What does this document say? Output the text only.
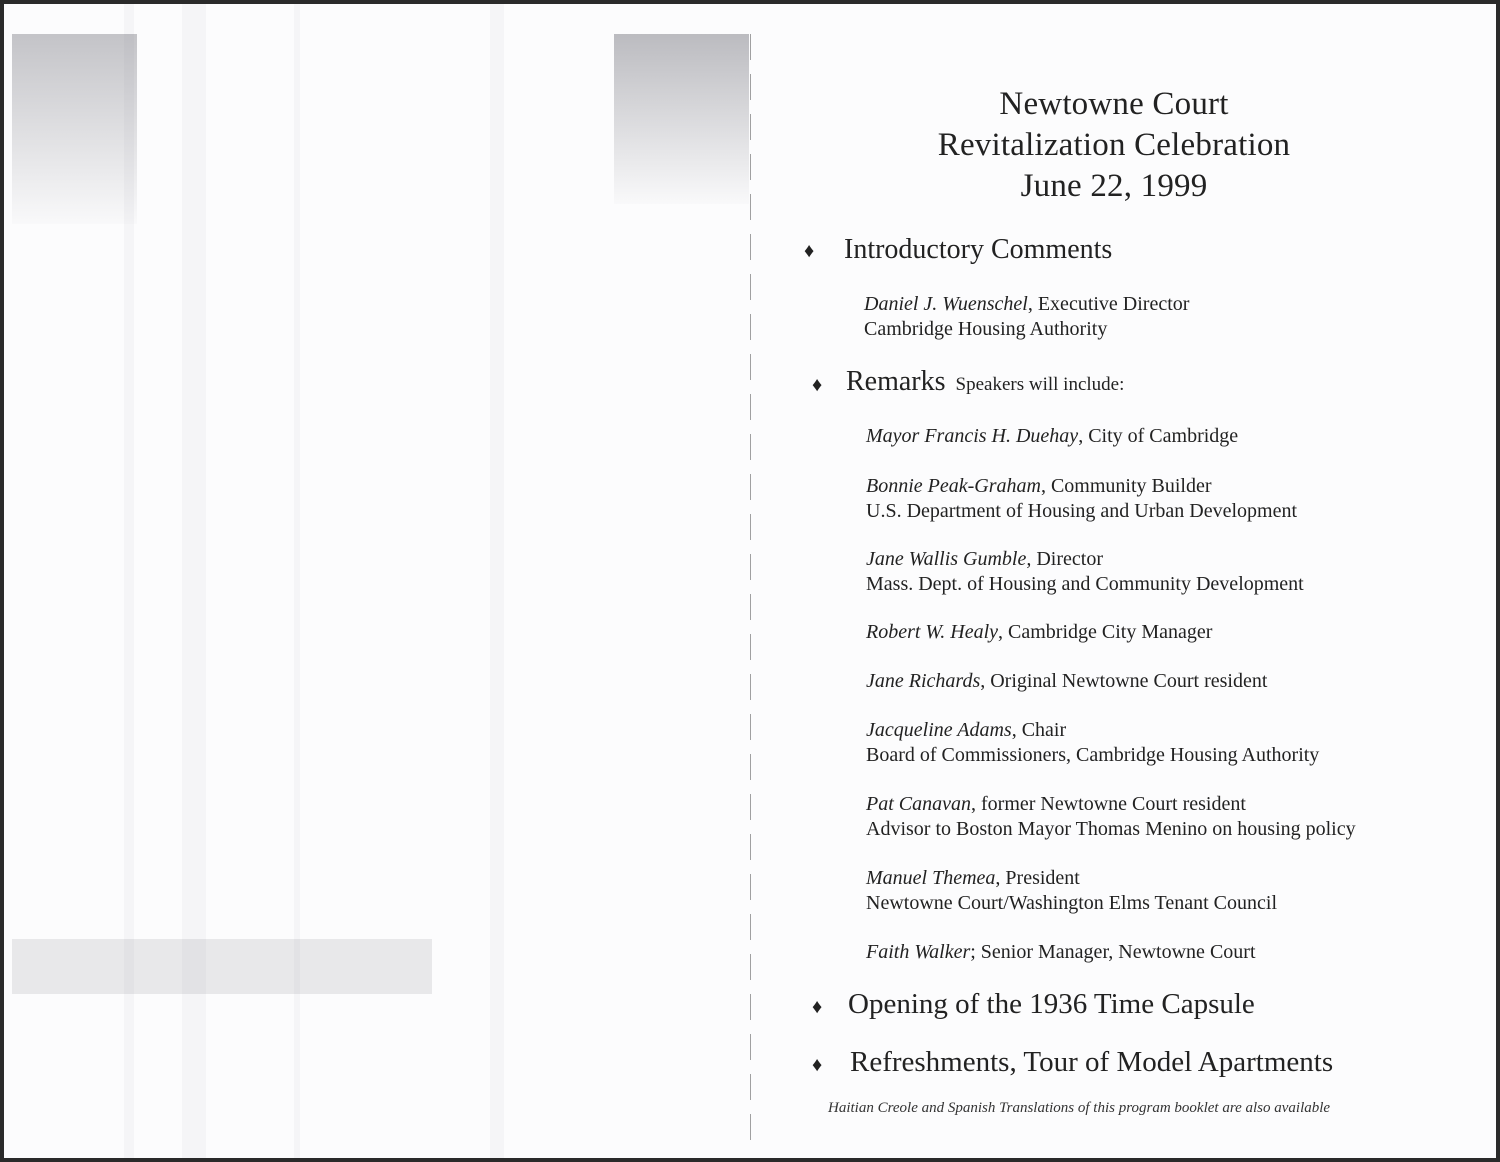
Newtowne Court
Revitalization Celebration
June 22, 1999
♦ Introductory Comments
Daniel J. Wuenschel, Executive Director
Cambridge Housing Authority
♦ Remarks Speakers will include:
Mayor Francis H. Duehay, City of Cambridge
Bonnie Peak-Graham, Community Builder
U.S. Department of Housing and Urban Development
Jane Wallis Gumble, Director
Mass. Dept. of Housing and Community Development
Robert W. Healy, Cambridge City Manager
Jane Richards, Original Newtowne Court resident
Jacqueline Adams, Chair
Board of Commissioners, Cambridge Housing Authority
Pat Canavan, former Newtowne Court resident
Advisor to Boston Mayor Thomas Menino on housing policy
Manuel Themea, President
Newtowne Court/Washington Elms Tenant Council
Faith Walker; Senior Manager, Newtowne Court
♦ Opening of the 1936 Time Capsule
♦ Refreshments, Tour of Model Apartments
Haitian Creole and Spanish Translations of this program booklet are also available
